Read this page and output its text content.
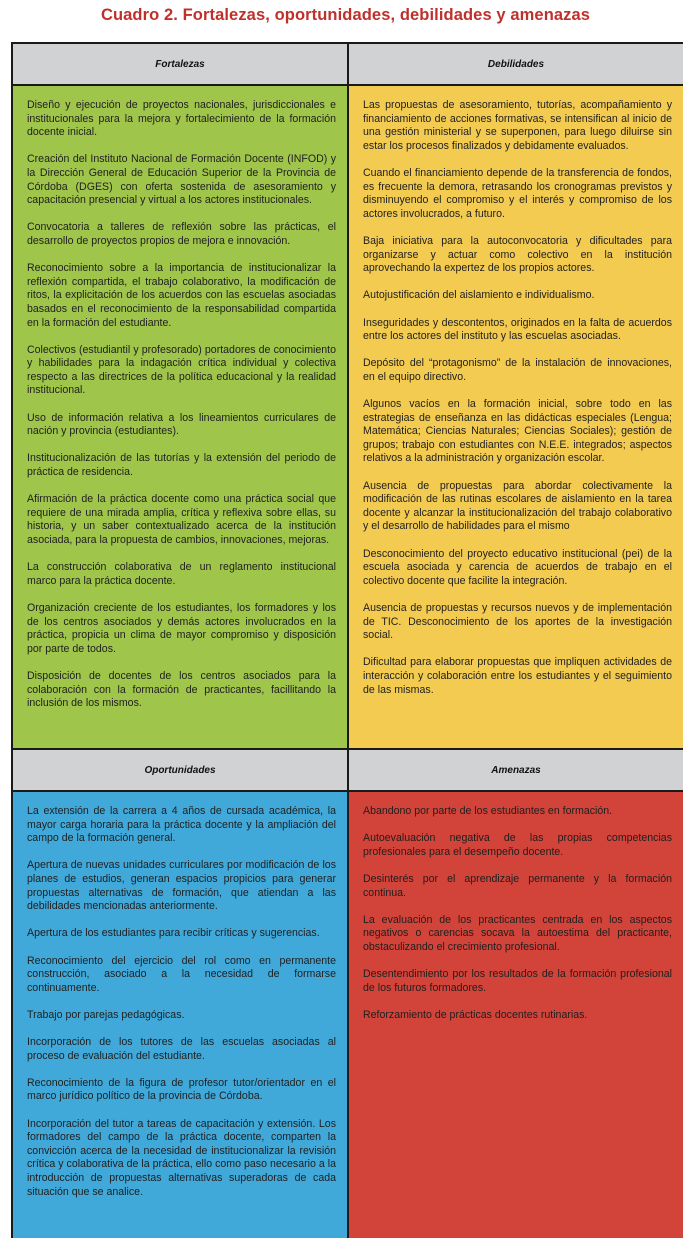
Cuadro 2. Fortalezas, oportunidades, debilidades y amenazas
Fortalezas	Debilidades

Diseño y ejecución de proyectos nacionales, jurisdiccionales e institucionales para la mejora y fortalecimiento de la formación docente inicial.

Creación del Instituto Nacional de Formación Docente (INFOD) y la Dirección General de Educación Superior de la Provincia de Córdoba (DGES) con oferta sostenida de asesoramiento y capacitación presencial y virtual a los actores institucionales.

Convocatoria a talleres de reflexión sobre las prácticas, el desarrollo de proyectos propios de mejora e innovación.

Reconocimiento sobre a la importancia de institucionalizar la reflexión compartida, el trabajo colaborativo, la modificación de ritos, la explicitación de los acuerdos con las escuelas asociadas basados en el reconocimiento de la responsabilidad compartida en la formación del estudiante.

Colectivos (estudiantil y profesorado) portadores de conocimiento y habilidades para la indagación crítica individual y colectiva respecto a las directrices de la política educacional y la realidad institucional.

Uso de información relativa a los lineamientos curriculares de nación y provincia (estudiantes).

Institucionalización de las tutorías y la extensión del periodo de práctica de residencia.

Afirmación de la práctica docente como una práctica social que requiere de una mirada amplia, crítica y reflexiva sobre ellas, su historia, y un saber contextualizado acerca de la institución asociada, para la propuesta de cambios, innovaciones, mejoras.

La construcción colaborativa de un reglamento institucional marco para la práctica docente.

Organización creciente de los estudiantes, los formadores y los de los centros asociados y demás actores involucrados en la práctica, propicia un clima de mayor compromiso y disposición por parte de todos.

Disposición de docentes de los centros asociados para la colaboración con la formación de practicantes, facillitando la inclusión de los mismos.

Las propuestas de asesoramiento, tutorías, acompañamiento y financiamiento de acciones formativas, se intensifican al inicio de una gestión ministerial y se superponen, para luego diluirse sin estar los procesos finalizados y debidamente evaluados.

Cuando el financiamiento depende de la transferencia de fondos, es frecuente la demora, retrasando los cronogramas previstos y disminuyendo el compromiso y el interés y compromiso de los actores involucrados, a futuro.

Baja iniciativa para la autoconvocatoria y dificultades para organizarse y actuar como colectivo en la institución aprovechando la expertez de los propios actores.

Autojustificación del aislamiento e individualismo.

Inseguridades y descontentos, originados en la falta de acuerdos entre los actores del instituto y las escuelas asociadas.

Depósito del “protagonismo” de la instalación de innovaciones, en el equipo directivo.

Algunos vacíos en la formación inicial, sobre todo en las estrategias de enseñanza en las didácticas especiales (Lengua; Matemática; Ciencias Naturales; Ciencias Sociales); gestión de grupos; trabajo con estudiantes con N.E.E. integrados; aspectos relativos a la administración y organización escolar.

Ausencia de propuestas para abordar colectivamente la modificación de las rutinas escolares de aislamiento en la tarea docente y alcanzar la institucionalización del trabajo colaborativo y el desarrollo de habilidades para el mismo

Desconocimiento del proyecto educativo institucional (pei) de la escuela asociada y carencia de acuerdos de trabajo en el colectivo docente que facilite la integración.

Ausencia de propuestas y recursos nuevos y de implementación de TIC. Desconocimiento de los aportes de la investigación social.

Dificultad para elaborar propuestas que impliquen actividades de interacción y colaboración entre los estudiantes y el seguimiento de las mismas.

Oportunidades	Amenazas

La extensión de la carrera a 4 años de cursada académica, la mayor carga horaria para la práctica docente y la ampliación del campo de la formación general.

Apertura de nuevas unidades curriculares por modificación de los planes de estudios, generan espacios propicios para generar propuestas alternativas de formación, que atiendan a las debilidades mencionadas anteriormente.

Apertura de los estudiantes para recibir críticas y sugerencias.

Reconocimiento del ejercicio del rol como en permanente construcción, asociado a la necesidad de formarse continuamente.

Trabajo por parejas pedagógicas.

Incorporación de los tutores de las escuelas asociadas al proceso de evaluación del estudiante.

Reconocimiento de la figura de profesor tutor/orientador en el marco jurídico político de la provincia de Córdoba.

Incorporación del tutor a tareas de capacitación y extensión. Los formadores del campo de la práctica docente, comparten la convicción acerca de la necesidad de institucionalizar la revisión crítica y colaborativa de la práctica, ello como paso necesario a la introducción de propuestas alternativas superadoras de cada situación que se analice.

Abandono por parte de los estudiantes en formación.

Autoevaluación negativa de las propias competencias profesionales para el desempeño docente.

Desinterés por el aprendizaje permanente y la formación continua.

La evaluación de los practicantes centrada en los aspectos negativos o carencias socava la autoestima del practicante, obstaculizando el crecimiento profesional.

Desentendimiento por los resultados de la formación profesional de los futuros formadores.

Reforzamiento de prácticas docentes rutinarias.
